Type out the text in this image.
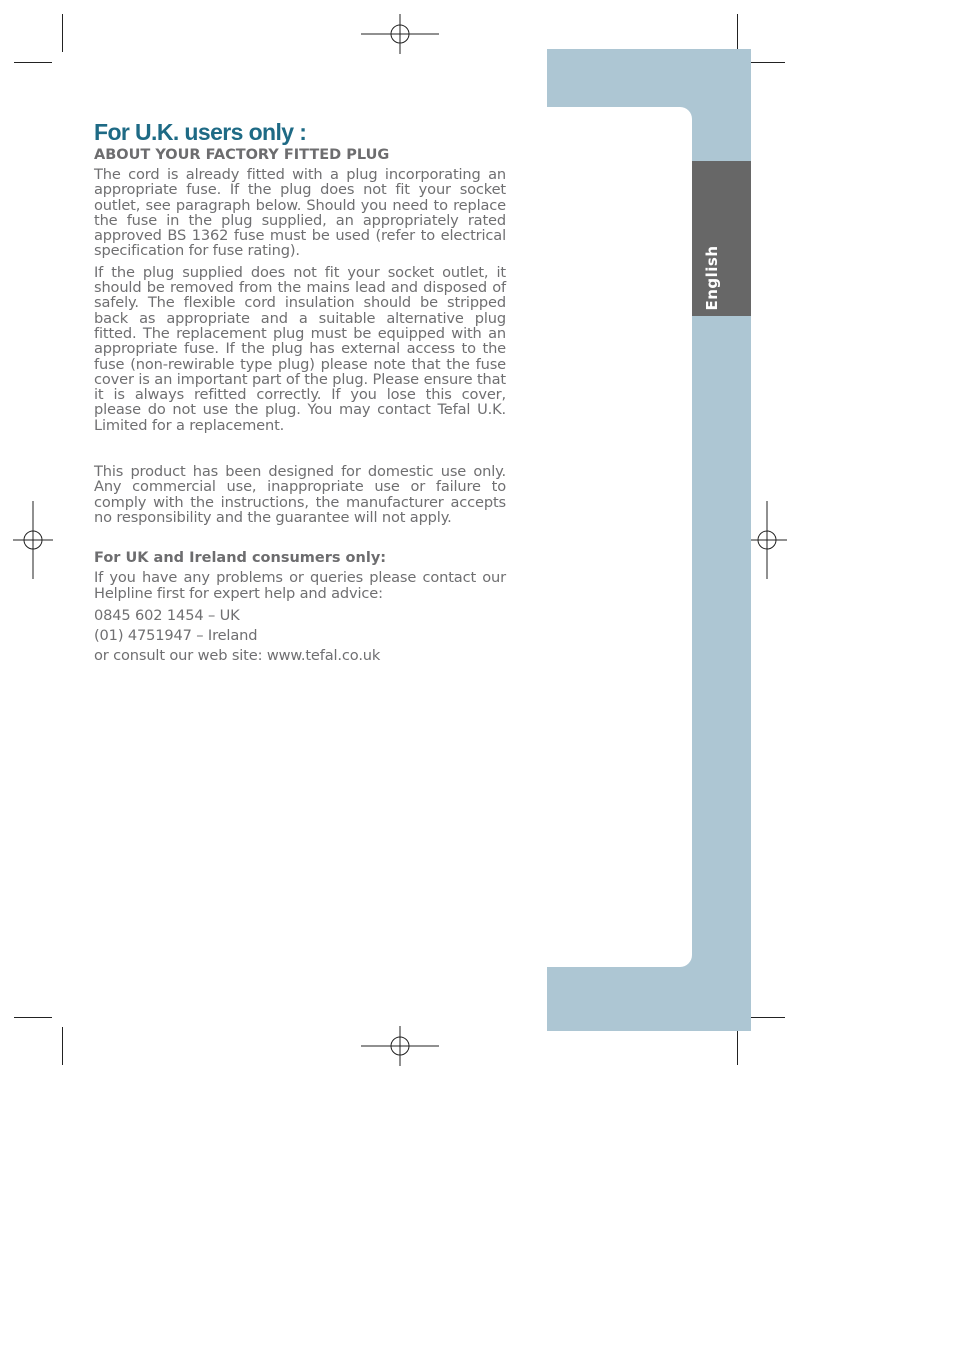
English
For U.K. users only :
ABOUT YOUR FACTORY FITTED PLUG

The cord is already fitted with a plug incorporating an appropriate fuse. If the plug does not fit your socket outlet, see paragraph below. Should you need to replace the fuse in the plug supplied, an appropriately rated approved BS 1362 fuse must be used (refer to electrical specification for fuse rating).

If the plug supplied does not fit your socket outlet, it should be removed from the mains lead and disposed of safely. The flexible cord insulation should be stripped back as appropriate and a suitable alternative plug fitted. The replacement plug must be equipped with an appropriate fuse. If the plug has external access to the fuse (non-rewirable type plug) please note that the fuse cover is an important part of the plug. Please ensure that it is always refitted correctly. If you lose this cover, please do not use the plug. You may contact Tefal U.K. Limited for a replacement.

This product has been designed for domestic use only. Any commercial use, inappropriate use or failure to comply with the instructions, the manufacturer accepts no responsibility and the guarantee will not apply.

For UK and Ireland consumers only:

If you have any problems or queries please contact our Helpline first for expert help and advice:

0845 602 1454 – UK

(01) 4751947 – Ireland

or consult our web site: www.tefal.co.uk
